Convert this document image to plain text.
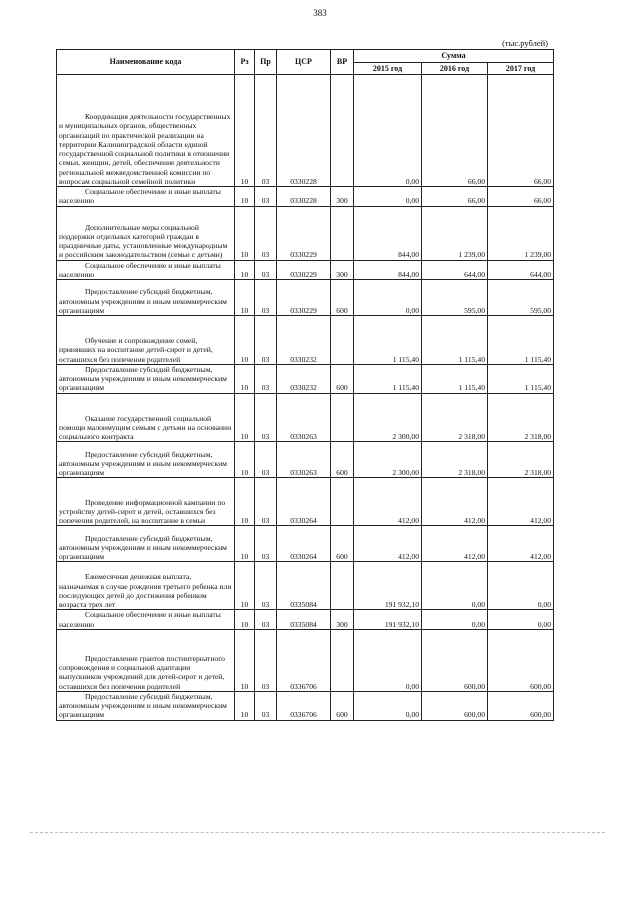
383
(тыс.рублей)
Наименование кода	Рз	Пр	ЦСР	ВР	Сумма		
					2015 год	2016 год	2017 год

Координация деятельности государственных и муниципальных органов, общественных организаций по практической реализации на территории Калининградской области единой государственной социальной политики в отношении семьи, женщин, детей, обеспечение деятельности региональной межведомственной комиссии по вопросам социальной семейной политики	10	03	0330228		0,00	66,00	66,00

Социальное обеспечение и иные выплаты населению	10	03	0330228	300	0,00	66,00	66,00

Дополнительные меры социальной поддержки отдельных категорий граждан в праздничные даты, установленные международным и российским законодательством (семьи с детьми)	10	03	0330229		844,00	1 239,00	1 239,00

Социальное обеспечение и иные выплаты населению	10	03	0330229	300	844,00	644,00	644,00

Предоставление субсидий бюджетным, автономным учреждениям и иным некоммерческим организациям	10	03	0330229	600	0,00	595,00	595,00

Обучение и сопровождение семей, принявших на воспитание детей-сирот и детей, оставшихся без попечения родителей	10	03	0330232		1 115,40	1 115,40	1 115,40

Предоставление субсидий бюджетным, автономным учреждениям и иным некоммерческим организациям	10	03	0330232	600	1 115,40	1 115,40	1 115,40

Оказание государственной социальной помощи малоимущим семьям с детьми на основании социального контракта	10	03	0330263		2 300,00	2 318,00	2 318,00

Предоставление субсидий бюджетным, автономным учреждениям и иным некоммерческим организациям	10	03	0330263	600	2 300,00	2 318,00	2 318,00

Проведение информационной кампании по устройству детей-сирот и детей, оставшихся без попечения родителей, на воспитание в семьи	10	03	0330264		412,00	412,00	412,00

Предоставление субсидий бюджетным, автономным учреждениям и иным некоммерческим организациям	10	03	0330264	600	412,00	412,00	412,00

Ежемесячная денежная выплата, назначаемая в случае рождения третьего ребенка или последующих детей до достижения ребенком возраста трех лет	10	03	0335084		191 932,10	0,00	0,00

Социальное обеспечение и иные выплаты населению	10	03	0335084	300	191 932,10	0,00	0,00

Предоставление грантов постинтернатного сопровождения и социальной адаптации выпускников учреждений для детей-сирот и детей, оставшихся без попечения родителей	10	03	0336706		0,00	600,00	600,00

Предоставление субсидий бюджетным, автономным учреждениям и иным некоммерческим организациям	10	03	0336706	600	0,00	600,00	600,00
